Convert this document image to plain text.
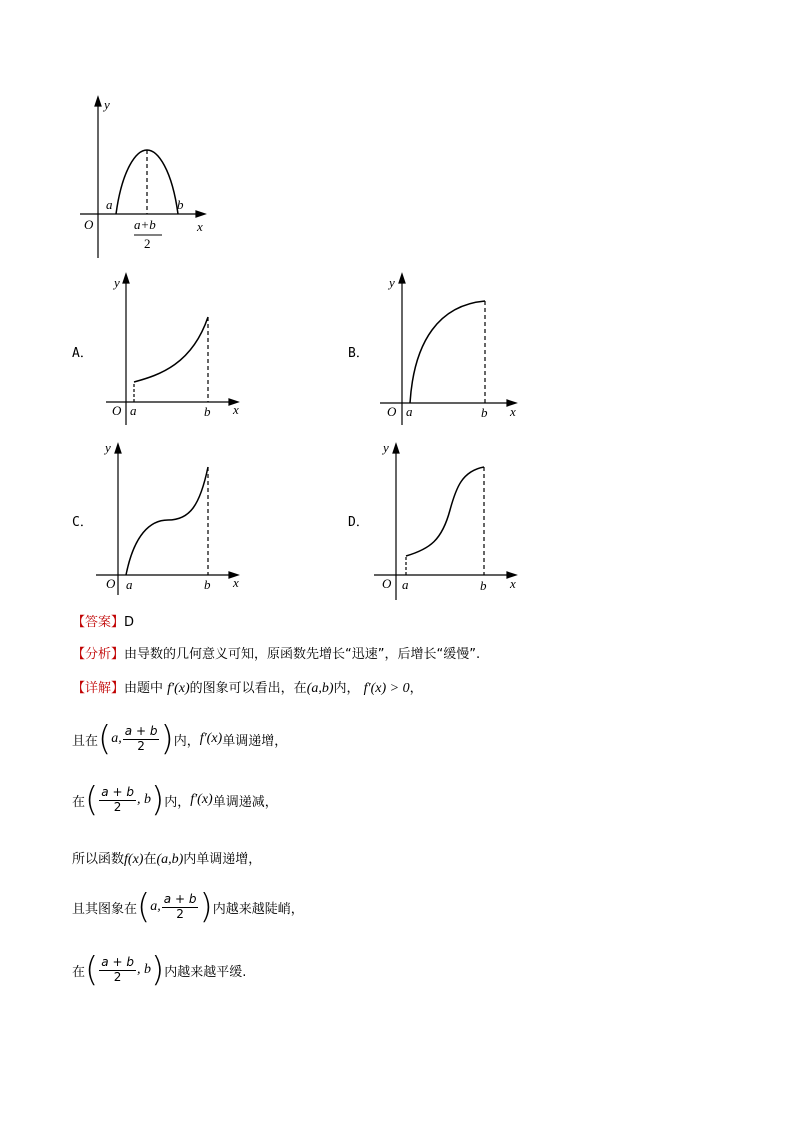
y
a	b
O	x
a+b
2
A．
y
O a	b x
B．
y
O a	b x
C．
y
O a	b x
D．
y
O a	b x
【答案】D
【分析】由导数的几何意义可知，原函数先增长“迅速”，后增长“缓慢”.
【详解】由题中 f′(x)的图象可以看出，在(a,b)内， f′(x) > 0，
且在(a, $\frac{a + b}{2}$ )内，f′(x)单调递增，
在( $\frac{a + b}{2}$ , b)内，f′(x)单调递减，
所以函数f(x)在(a,b)内单调递增，
且其图象在(a, $\frac{a + b}{2}$ )内越来越陡峭，
在( $\frac{a + b}{2}$ , b)内越来越平缓.
